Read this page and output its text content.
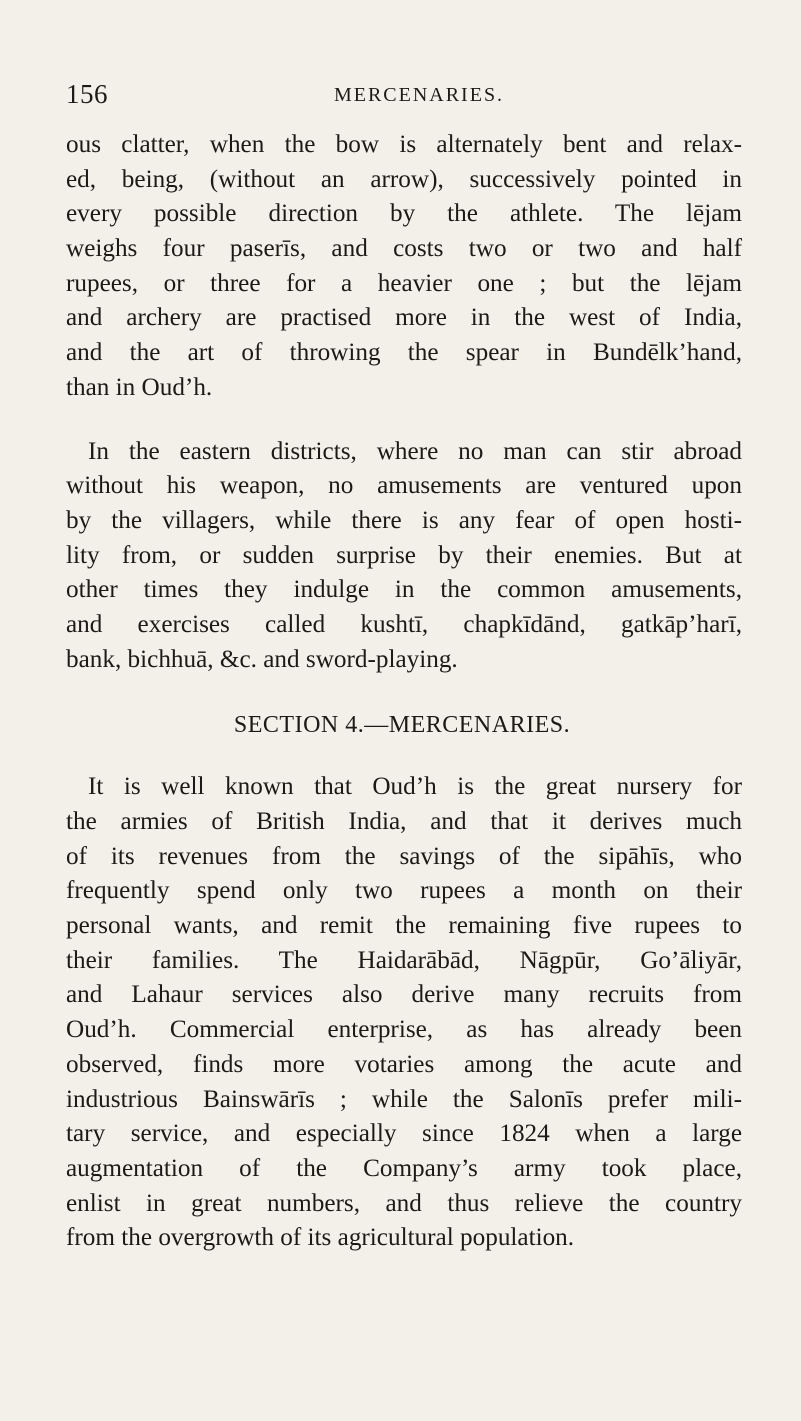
156	MERCENARIES.
ous clatter, when the bow is alternately bent and relax-
ed, being, (without an arrow), successively pointed in
every possible direction by the athlete. The lējam
weighs four paserīs, and costs two or two and half
rupees, or three for a heavier one ; but the lējam
and archery are practised more in the west of India,
and the art of throwing the spear in Bundēlk’hand,
than in Oud’h.
In the eastern districts, where no man can stir abroad
without his weapon, no amusements are ventured upon
by the villagers, while there is any fear of open hosti-
lity from, or sudden surprise by their enemies. But at
other times they indulge in the common amusements,
and exercises called kushtī, chapkīdānd, gatkāp’harī,
bank, bichhuā, &c. and sword-playing.
SECTION 4.—MERCENARIES.
It is well known that Oud’h is the great nursery for
the armies of British India, and that it derives much
of its revenues from the savings of the sipāhīs, who
frequently spend only two rupees a month on their
personal wants, and remit the remaining five rupees to
their families. The Haidarābād, Nāgpūr, Go’āliyār,
and Lahaur services also derive many recruits from
Oud’h. Commercial enterprise, as has already been
observed, finds more votaries among the acute and
industrious Bainswārīs ; while the Salonīs prefer mili-
tary service, and especially since 1824 when a large
augmentation of the Company’s army took place,
enlist in great numbers, and thus relieve the country
from the overgrowth of its agricultural population.
